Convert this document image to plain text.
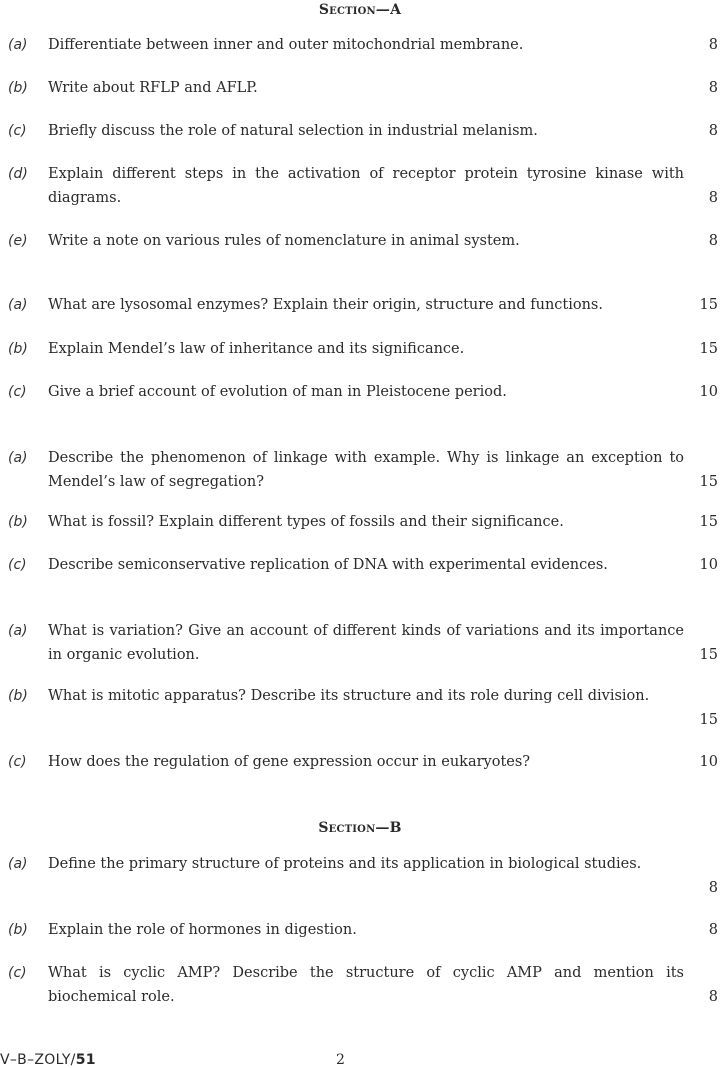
Section—A
(a) Differentiate between inner and outer mitochondrial membrane.	8
(b) Write about RFLP and AFLP.	8
(c) Briefly discuss the role of natural selection in industrial melanism.	8
(d) Explain different steps in the activation of receptor protein tyrosine kinase with diagrams.	8
(e) Write a note on various rules of nomenclature in animal system.	8
(a) What are lysosomal enzymes? Explain their origin, structure and functions.	15
(b) Explain Mendel’s law of inheritance and its significance.	15
(c) Give a brief account of evolution of man in Pleistocene period.	10
(a) Describe the phenomenon of linkage with example. Why is linkage an exception to Mendel’s law of segregation?	15
(b) What is fossil? Explain different types of fossils and their significance.	15
(c) Describe semiconservative replication of DNA with experimental evidences.	10
(a) What is variation? Give an account of different kinds of variations and its importance in organic evolution.	15
(b) What is mitotic apparatus? Describe its structure and its role during cell division.
15
(c) How does the regulation of gene expression occur in eukaryotes?	10
Section—B
(a) Define the primary structure of proteins and its application in biological studies.
8
(b) Explain the role of hormones in digestion.	8
(c) What is cyclic AMP? Describe the structure of cyclic AMP and mention its biochemical role.	8
V–B–ZOLY/51	2
